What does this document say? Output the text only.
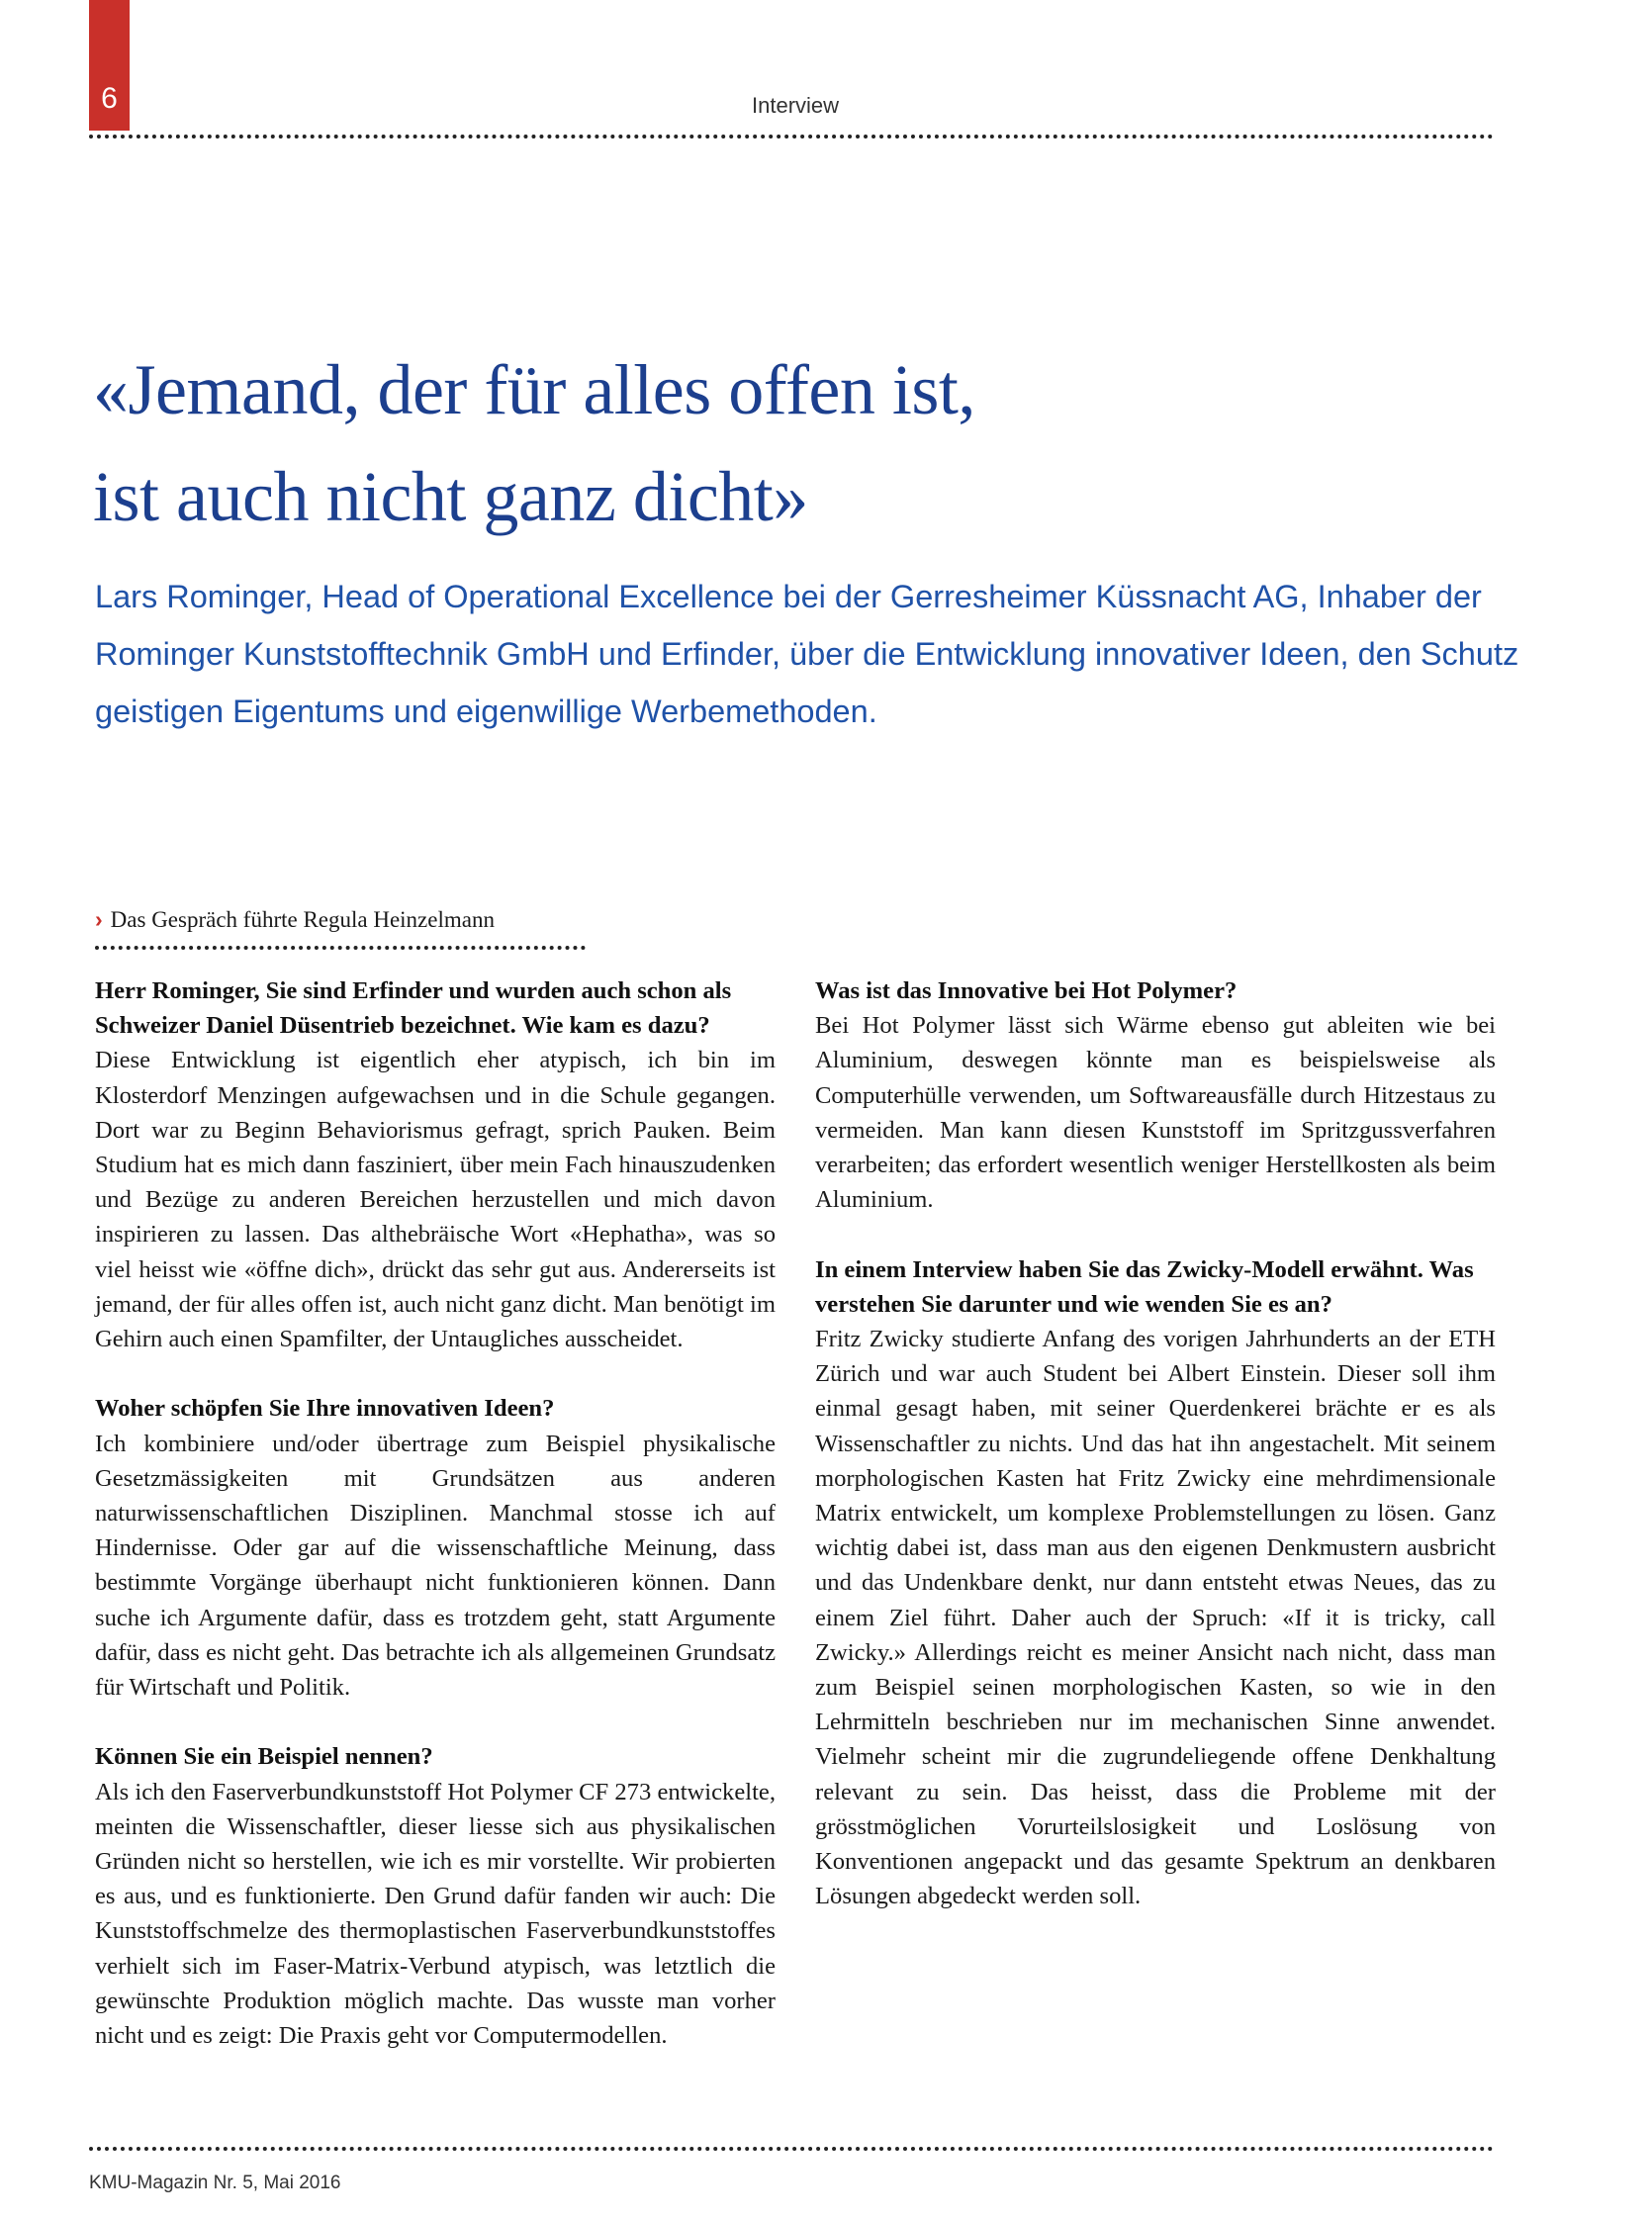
6	Interview
«Jemand, der für alles offen ist,
ist auch nicht ganz dicht»

Lars Rominger, Head of Operational Excellence bei der Gerresheimer Küssnacht AG, Inhaber der Rominger Kunststofftechnik GmbH und Erfinder, über die Entwicklung innovativer Ideen, den Schutz geistigen Eigentums und eigenwillige Werbemethoden.

› Das Gespräch führte Regula Heinzelmann
Herr Rominger, Sie sind Erfinder und wurden auch schon als Schweizer Daniel Düsentrieb bezeichnet. Wie kam es dazu?

Diese Entwicklung ist eigentlich eher atypisch, ich bin im Klosterdorf Menzingen aufgewachsen und in die Schule gegangen. Dort war zu Beginn Behaviorismus gefragt, sprich Pauken. Beim Studium hat es mich dann fasziniert, über mein Fach hinauszudenken und Bezüge zu anderen Bereichen herzustellen und mich davon inspirieren zu lassen. Das althebräische Wort «Hephatha», was so viel heisst wie «öffne dich», drückt das sehr gut aus. Andererseits ist jemand, der für alles offen ist, auch nicht ganz dicht. Man benötigt im Gehirn auch einen Spamfilter, der Untaugliches ausscheidet.

Woher schöpfen Sie Ihre innovativen Ideen?

Ich kombiniere und/oder übertrage zum Beispiel physikalische Gesetzmässigkeiten mit Grundsätzen aus anderen naturwissenschaftlichen Disziplinen. Manchmal stosse ich auf Hindernisse. Oder gar auf die wissenschaftliche Meinung, dass bestimmte Vorgänge überhaupt nicht funktionieren können. Dann suche ich Argumente dafür, dass es trotzdem geht, statt Argumente dafür, dass es nicht geht. Das betrachte ich als allgemeinen Grundsatz für Wirtschaft und Politik.

Können Sie ein Beispiel nennen?

Als ich den Faserverbundkunststoff Hot Polymer CF 273 entwickelte, meinten die Wissenschaftler, dieser liesse sich aus physikalischen Gründen nicht so herstellen, wie ich es mir vorstellte. Wir probierten es aus, und es funktionierte. Den Grund dafür fanden wir auch: Die Kunststoffschmelze des thermoplastischen Faserverbundkunststoffes verhielt sich im Faser-Matrix-Verbund atypisch, was letztlich die gewünschte Produktion möglich machte. Das wusste man vorher nicht und es zeigt: Die Praxis geht vor Computermodellen.

Was ist das Innovative bei Hot Polymer?

Bei Hot Polymer lässt sich Wärme ebenso gut ableiten wie bei Aluminium, deswegen könnte man es beispielsweise als Computerhülle verwenden, um Softwareausfälle durch Hitzestaus zu vermeiden. Man kann diesen Kunststoff im Spritzgussverfahren verarbeiten; das erfordert wesentlich weniger Herstellkosten als beim Aluminium.

In einem Interview haben Sie das Zwicky-Modell erwähnt. Was verstehen Sie darunter und wie wenden Sie es an?

Fritz Zwicky studierte Anfang des vorigen Jahrhunderts an der ETH Zürich und war auch Student bei Albert Einstein. Dieser soll ihm einmal gesagt haben, mit seiner Querdenkerei brächte er es als Wissenschaftler zu nichts. Und das hat ihn angestachelt. Mit seinem morphologischen Kasten hat Fritz Zwicky eine mehrdimensionale Matrix entwickelt, um komplexe Problemstellungen zu lösen. Ganz wichtig dabei ist, dass man aus den eigenen Denkmustern ausbricht und das Undenkbare denkt, nur dann entsteht etwas Neues, das zu einem Ziel führt. Daher auch der Spruch: «If it is tricky, call Zwicky.» Allerdings reicht es meiner Ansicht nach nicht, dass man zum Beispiel seinen morphologischen Kasten, so wie in den Lehrmitteln beschrieben nur im mechanischen Sinne anwendet. Vielmehr scheint mir die zugrundeliegende offene Denkhaltung relevant zu sein. Das heisst, dass die Probleme mit der grösstmöglichen Vorurteilslosigkeit und Loslösung von Konventionen angepackt und das gesamte Spektrum an denkbaren Lösungen abgedeckt werden soll.

KMU-Magazin Nr. 5, Mai 2016
